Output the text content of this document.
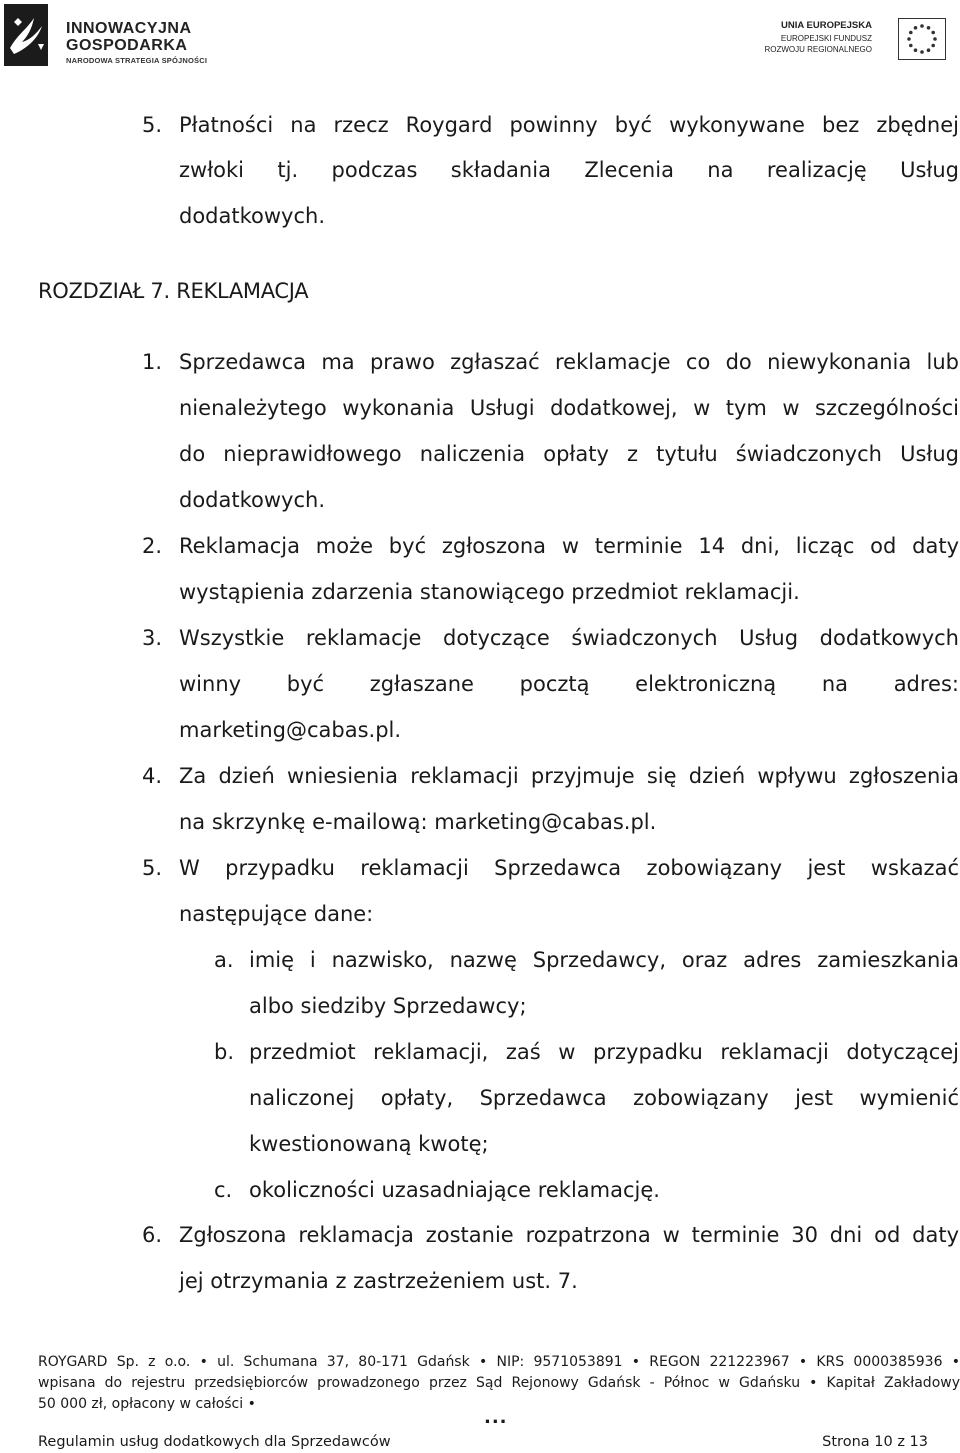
INNOWACYJNA
GOSPODARKA
NARODOWA STRATEGIA SPÓJNOŚCI
UNIA EUROPEJSKA
EUROPEJSKI FUNDUSZ
ROZWOJU REGIONALNEGO
5. Płatności na rzecz Roygard powinny być wykonywane bez zbędnej
zwłoki tj. podczas składania Zlecenia na realizację Usług
dodatkowych.
ROZDZIAŁ 7. REKLAMACJA
1. Sprzedawca ma prawo zgłaszać reklamacje co do niewykonania lub
nienależytego wykonania Usługi dodatkowej, w tym w szczególności
do nieprawidłowego naliczenia opłaty z tytułu świadczonych Usług
dodatkowych.
2. Reklamacja może być zgłoszona w terminie 14 dni, licząc od daty
wystąpienia zdarzenia stanowiącego przedmiot reklamacji.
3. Wszystkie reklamacje dotyczące świadczonych Usług dodatkowych
winny być zgłaszane pocztą elektroniczną na adres:
marketing@cabas.pl.
4. Za dzień wniesienia reklamacji przyjmuje się dzień wpływu zgłoszenia
na skrzynkę e-mailową: marketing@cabas.pl.
5. W przypadku reklamacji Sprzedawca zobowiązany jest wskazać
następujące dane:
a. imię i nazwisko, nazwę Sprzedawcy, oraz adres zamieszkania
albo siedziby Sprzedawcy;
b. przedmiot reklamacji, zaś w przypadku reklamacji dotyczącej
naliczonej opłaty, Sprzedawca zobowiązany jest wymienić
kwestionowaną kwotę;
c. okoliczności uzasadniające reklamację.
6. Zgłoszona reklamacja zostanie rozpatrzona w terminie 30 dni od daty
jej otrzymania z zastrzeżeniem ust. 7.
ROYGARD Sp. z o.o. • ul. Schumana 37, 80-171 Gdańsk • NIP: 9571053891 • REGON 221223967 • KRS 0000385936 •
wpisana do rejestru przedsiębiorców prowadzonego przez Sąd Rejonowy Gdańsk - Północ w Gdańsku • Kapitał Zakładowy
50 000 zł, opłacony w całości •
...
Regulamin usług dodatkowych dla Sprzedawców	Strona 10 z 13
